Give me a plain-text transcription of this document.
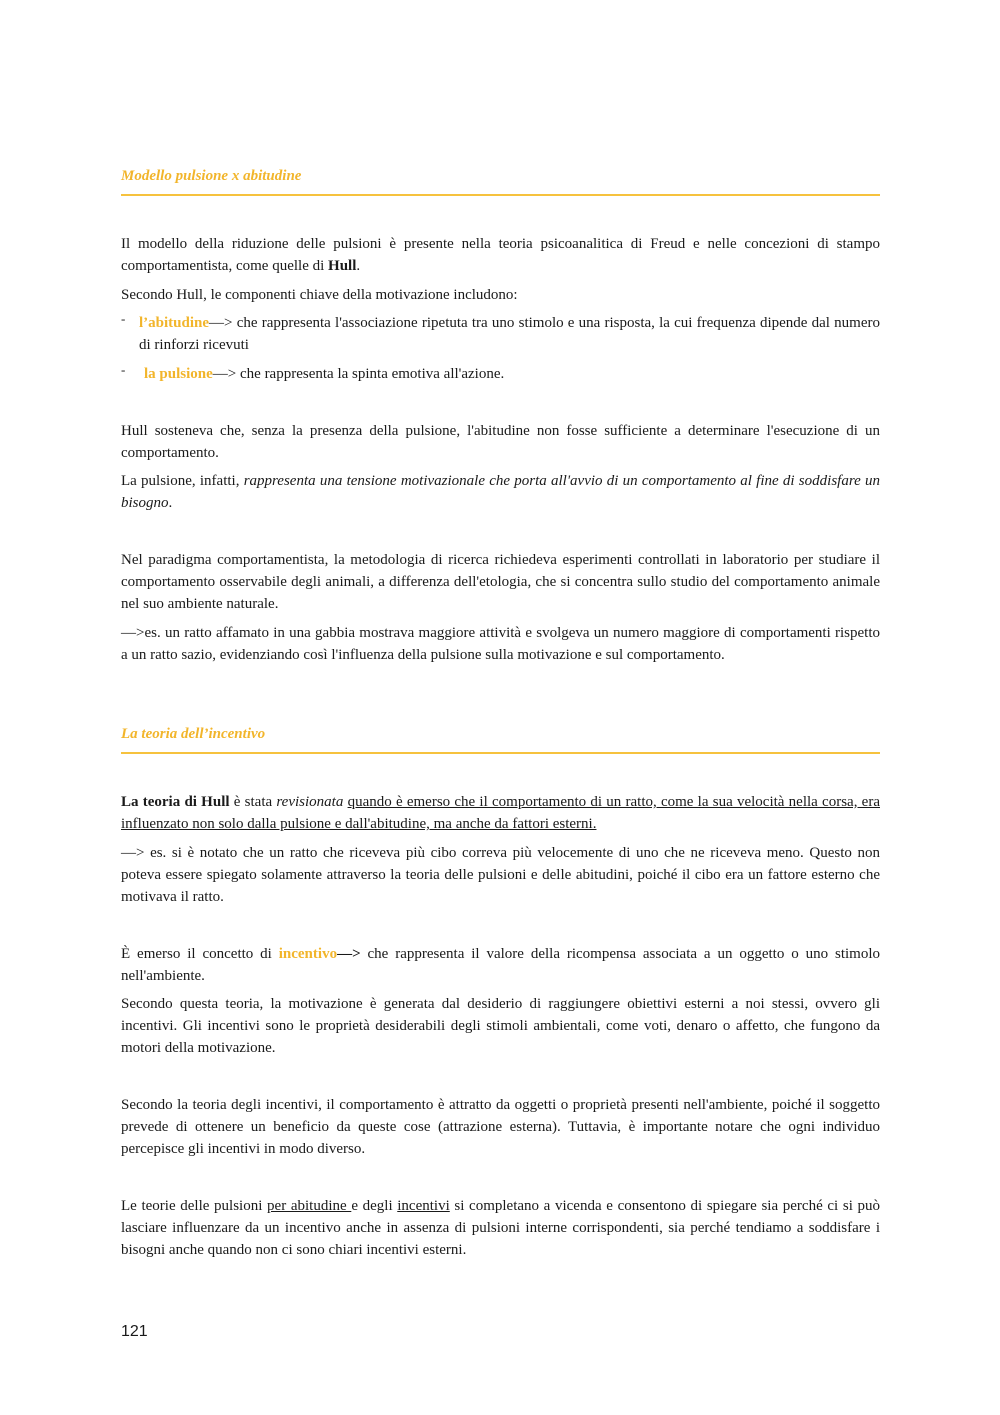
Modello pulsione x abitudine
Il modello della riduzione delle pulsioni è presente nella teoria psicoanalitica di Freud e nelle concezioni di stampo comportamentista, come quelle di Hull.
Secondo Hull, le componenti chiave della motivazione includono:
- l’abitudine—> che rappresenta l'associazione ripetuta tra uno stimolo e una risposta, la cui frequenza dipende dal numero di rinforzi ricevuti
- la pulsione—> che rappresenta la spinta emotiva all'azione.
Hull sosteneva che, senza la presenza della pulsione, l'abitudine non fosse sufficiente a determinare l'esecuzione di un comportamento.
La pulsione, infatti, rappresenta una tensione motivazionale che porta all'avvio di un comportamento al fine di soddisfare un bisogno.
Nel paradigma comportamentista, la metodologia di ricerca richiedeva esperimenti controllati in laboratorio per studiare il comportamento osservabile degli animali, a differenza dell'etologia, che si concentra sullo studio del comportamento animale nel suo ambiente naturale.
—>es. un ratto affamato in una gabbia mostrava maggiore attività e svolgeva un numero maggiore di comportamenti rispetto a un ratto sazio, evidenziando così l'influenza della pulsione sulla motivazione e sul comportamento.
La teoria dell’incentivo
La teoria di Hull è stata revisionata quando è emerso che il comportamento di un ratto, come la sua velocità nella corsa, era influenzato non solo dalla pulsione e dall'abitudine, ma anche da fattori esterni.
—> es. si è notato che un ratto che riceveva più cibo correva più velocemente di uno che ne riceveva meno. Questo non poteva essere spiegato solamente attraverso la teoria delle pulsioni e delle abitudini, poiché il cibo era un fattore esterno che motivava il ratto.
È emerso il concetto di incentivo—> che rappresenta il valore della ricompensa associata a un oggetto o uno stimolo nell'ambiente.
Secondo questa teoria, la motivazione è generata dal desiderio di raggiungere obiettivi esterni a noi stessi, ovvero gli incentivi. Gli incentivi sono le proprietà desiderabili degli stimoli ambientali, come voti, denaro o affetto, che fungono da motori della motivazione.
Secondo la teoria degli incentivi, il comportamento è attratto da oggetti o proprietà presenti nell'ambiente, poiché il soggetto prevede di ottenere un beneficio da queste cose (attrazione esterna). Tuttavia, è importante notare che ogni individuo percepisce gli incentivi in modo diverso.
Le teorie delle pulsioni per abitudine e degli incentivi si completano a vicenda e consentono di spiegare sia perché ci si può lasciare influenzare da un incentivo anche in assenza di pulsioni interne corrispondenti, sia perché tendiamo a soddisfare i bisogni anche quando non ci sono chiari incentivi esterni.
121
